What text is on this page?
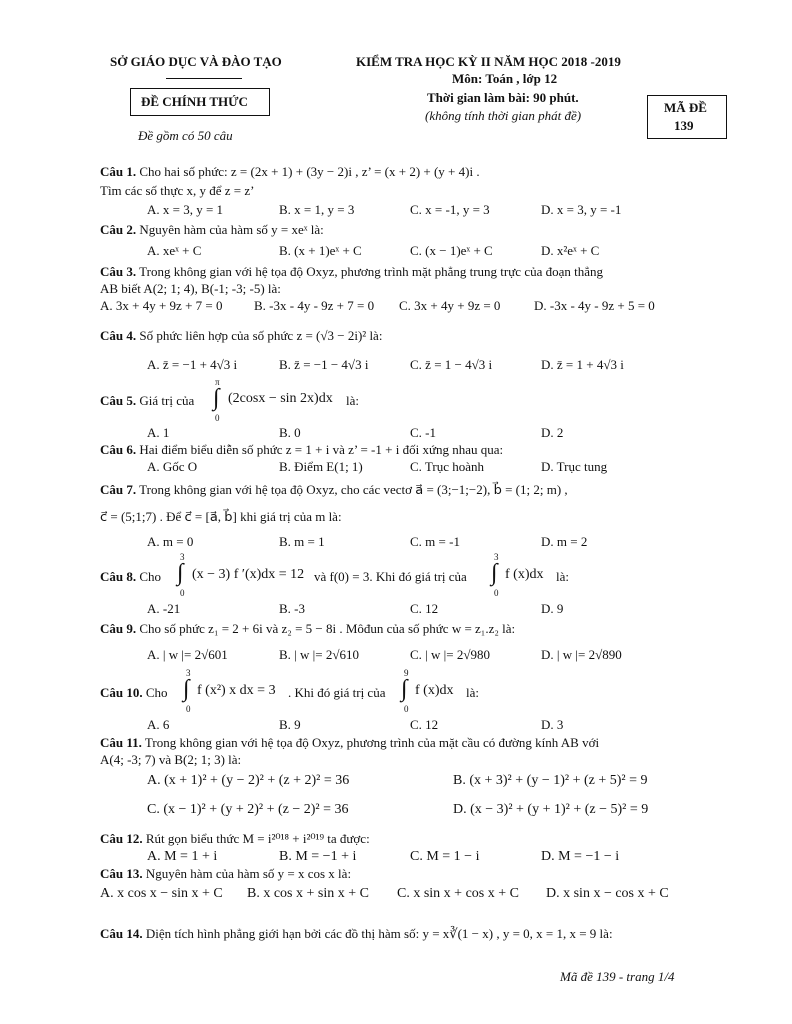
SỞ GIÁO DỤC VÀ ĐÀO TẠO
ĐỀ CHÍNH THỨC
Đề gồm có 50 câu
KIỂM TRA HỌC KỲ II NĂM HỌC 2018 -2019
Môn: Toán , lớp 12
Thời gian làm bài: 90 phút.
(không tính thời gian phát đề)
MÃ ĐỀ
139
Câu 1. Cho hai số phức: z = (2x + 1) + (3y − 2)i , z’ = (x + 2) + (y + 4)i .
Tìm các số thực x, y để z = z’
A. x = 3, y = 1	B. x = 1, y = 3	C. x = -1, y = 3	D. x = 3, y = -1
Câu 2. Nguyên hàm của hàm số y = xeˣ là:
A. xeˣ + C	B. (x + 1)eˣ + C	C. (x − 1)eˣ + C	D. x²eˣ + C
Câu 3. Trong không gian với hệ tọa độ Oxyz, phương trình mặt phẳng trung trực của đoạn thẳng
AB biết A(2; 1; 4), B(-1; -3; -5) là:
A. 3x + 4y + 9z + 7 = 0 B. -3x - 4y - 9z + 7 = 0 C. 3x + 4y + 9z = 0	D. -3x - 4y - 9z + 5 = 0
Câu 4. Số phức liên hợp của số phức z = (√3 − 2i)² là:
A. z̄ = −1 + 4√3 i	B. z̄ = −1 − 4√3 i	C. z̄ = 1 − 4√3 i	D. z̄ = 1 + 4√3 i
Câu 5. Giá trị của
π
∫
0
(2cosx − sin 2x)dx là:
A. 1	B. 0	C. -1	D. 2
Câu 6. Hai điểm biểu diễn số phức z = 1 + i và z’ = -1 + i đối xứng nhau qua:
A. Gốc O	B. Điểm E(1; 1)	C. Trục hoành	D. Trục tung
Câu 7. Trong không gian với hệ tọa độ Oxyz, cho các vectơ a⃗ = (3;−1;−2), b⃗ = (1; 2; m) ,
c⃗ = (5;1;7) . Để c⃗ = [a⃗, b⃗] khi giá trị của m là:
A. m = 0	B. m = 1	C. m = -1	D. m = 2
Câu 8. Cho
3
∫
0
(x − 3) f ′(x)dx = 12 và f(0) = 3. Khi đó giá trị của
3
∫
0
f (x)dx là:
A. -21	B. -3	C. 12	D. 9
Câu 9. Cho số phức z₁ = 2 + 6i và z₂ = 5 − 8i . Môđun của số phức w = z₁.z₂ là:
A. | w |= 2√601	B. | w |= 2√610	C. | w |= 2√980	D. | w |= 2√890
Câu 10. Cho
3
∫
0
f (x²) x dx = 3 . Khi đó giá trị của
9
∫
0
f (x)dx là:
A. 6	B. 9	C. 12	D. 3
Câu 11. Trong không gian với hệ tọa độ Oxyz, phương trình của mặt cầu có đường kính AB với
A(4; -3; 7) và B(2; 1; 3) là:
A. (x + 1)² + (y − 2)² + (z + 2)² = 36	B. (x + 3)² + (y − 1)² + (z + 5)² = 9
C. (x − 1)² + (y + 2)² + (z − 2)² = 36	D. (x − 3)² + (y + 1)² + (z − 5)² = 9
Câu 12. Rút gọn biểu thức M = i²⁰¹⁸ + i²⁰¹⁹ ta được:
A. M = 1 + i	B. M = −1 + i	C. M = 1 − i	D. M = −1 − i
Câu 13. Nguyên hàm của hàm số y = x cos x là:
A. x cos x − sin x + C B. x cos x + sin x + C C. x sin x + cos x + C D. x sin x − cos x + C
Câu 14. Diện tích hình phẳng giới hạn bởi các đồ thị hàm số: y = x∛(1 − x) , y = 0, x = 1, x = 9 là:
Mã đề 139 - trang 1/4
